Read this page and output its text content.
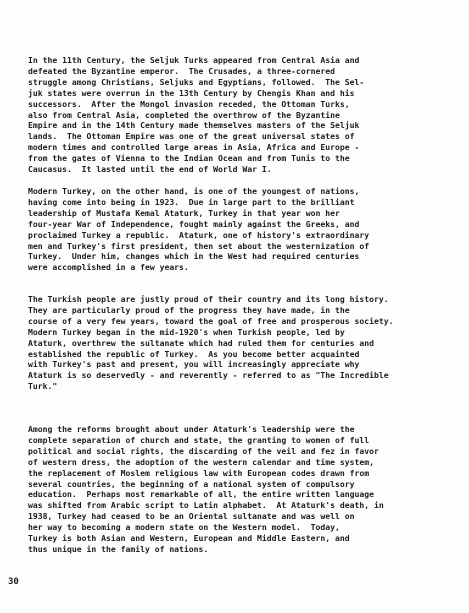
In the 11th Century, the Seljuk Turks appeared from Central Asia and
defeated the Byzantine emperor.  The Crusades, a three-cornered
struggle among Christians, Seljuks and Egyptians, followed.  The Sel-
juk states were overrun in the 13th Century by Chengis Khan and his
successors.  After the Mongol invasion receded, the Ottoman Turks,
also from Central Asia, completed the overthrow of the Byzantine
Empire and in the 14th Century made themselves masters of the Seljuk
lands.  The Ottoman Empire was one of the great universal states of
modern times and controlled large areas in Asia, Africa and Europe -
from the gates of Vienna to the Indian Ocean and from Tunis to the
Caucasus.  It lasted until the end of World War I.
Modern Turkey, on the other hand, is one of the youngest of nations,
having come into being in 1923.  Due in large part to the brilliant
leadership of Mustafa Kemal Ataturk, Turkey in that year won her
four-year War of Independence, fought mainly against the Greeks, and
proclaimed Turkey a republic.  Ataturk, one of history's extraordinary
men and Turkey's first president, then set about the westernization of
Turkey.  Under him, changes which in the West had required centuries
were accomplished in a few years.
The Turkish people are justly proud of their country and its long history.
They are particularly proud of the progress they have made, in the
course of a very few years, toward the goal of free and prosperous society.
Modern Turkey began in the mid-1920's when Turkish people, led by
Ataturk, overthrew the sultanate which had ruled them for centuries and
established the republic of Turkey.  As you become better acquainted
with Turkey's past and present, you will increasingly appreciate why
Ataturk is so deservedly - and reverently - referred to as "The Incredible
Turk."
Among the reforms brought about under Ataturk's leadership were the
complete separation of church and state, the granting to women of full
political and social rights, the discarding of the veil and fez in favor
of western dress, the adoption of the western calendar and time system,
the replacement of Moslem religious law with European codes drawn from
several countries, the beginning of a national system of compulsory
education.  Perhaps most remarkable of all, the entire written language
was shifted from Arabic script to Latin alphabet.  At Ataturk's death, in
1938, Turkey had ceased to be an Oriental sultanate and was well on
her way to becoming a modern state on the Western model.  Today,
Turkey is both Asian and Western, European and Middle Eastern, and
thus unique in the family of nations.
30
